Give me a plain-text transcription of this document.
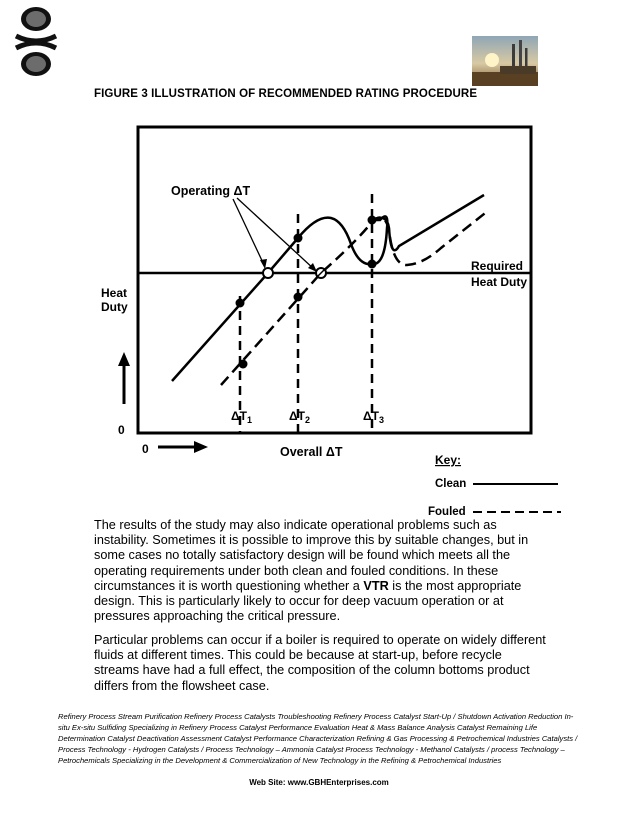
FIGURE 3 ILLUSTRATION OF RECOMMENDED RATING PROCEDURE
Operating ΔT
Required
Heat Duty
Heat
Duty
0
0	Overall ΔT
$\Delta T_1$	$\Delta T_2$	$\Delta T_3$
Key:
Clean
Fouled

The results of the study may also indicate operational problems such as instability. Sometimes it is possible to improve this by suitable changes, but in some cases no totally satisfactory design will be found which meets all the operating requirements under both clean and fouled conditions. In these circumstances it is worth questioning whether a VTR is the most appropriate design. This is particularly likely to occur for deep vacuum operation or at pressures approaching the critical pressure.

Particular problems can occur if a boiler is required to operate on widely different fluids at different times. This could be because at start-up, before recycle streams have had a full effect, the composition of the column bottoms product differs from the flowsheet case.

Refinery Process Stream Purification Refinery Process Catalysts Troubleshooting Refinery Process Catalyst Start-Up / Shutdown Activation Reduction In-situ Ex-situ Sulfiding Specializing in Refinery Process Catalyst Performance Evaluation Heat & Mass Balance Analysis Catalyst Remaining Life Determination Catalyst Deactivation Assessment Catalyst Performance Characterization Refining & Gas Processing & Petrochemical Industries Catalysts / Process Technology - Hydrogen Catalysts / Process Technology – Ammonia Catalyst Process Technology - Methanol Catalysts / process Technology – Petrochemicals Specializing in the Development & Commercialization of New Technology in the Refining & Petrochemical Industries

Web Site: www.GBHEnterprises.com
